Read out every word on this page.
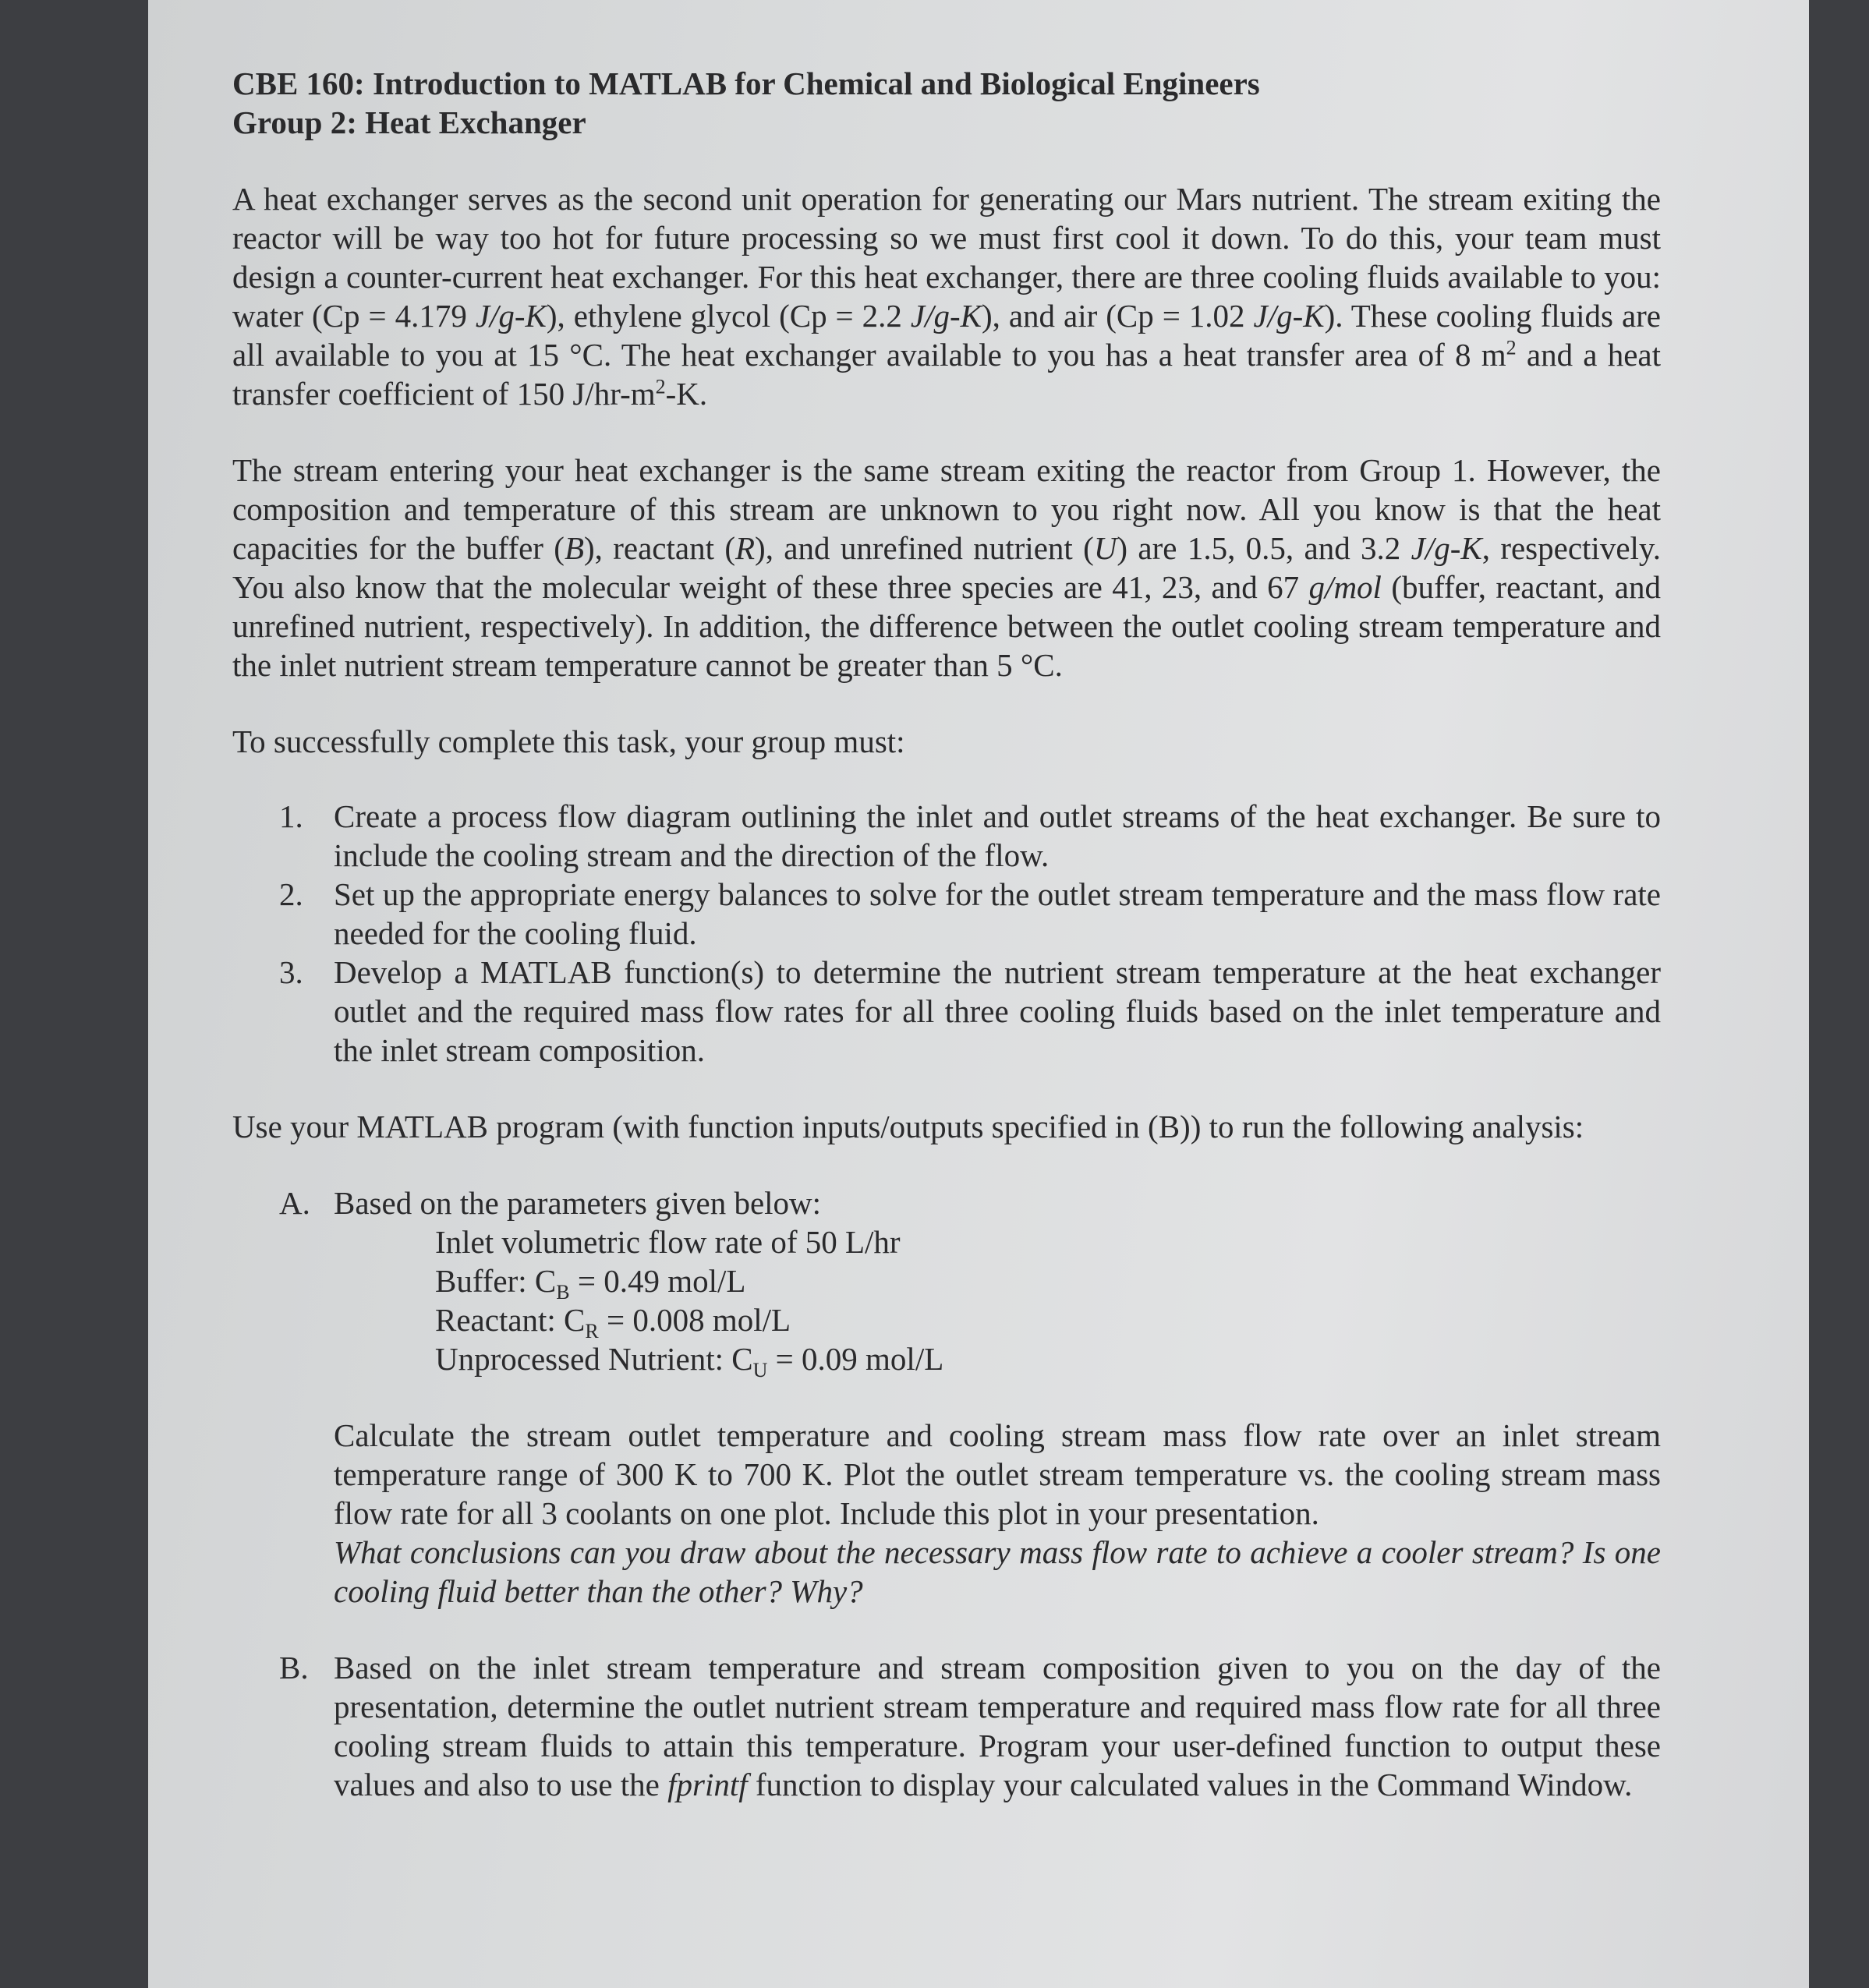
CBE 160: Introduction to MATLAB for Chemical and Biological Engineers
Group 2: Heat Exchanger

A heat exchanger serves as the second unit operation for generating our Mars nutrient. The stream exiting the reactor will be way too hot for future processing so we must first cool it down. To do this, your team must design a counter-current heat exchanger. For this heat exchanger, there are three cooling fluids available to you: water (Cp = 4.179 J/g-K), ethylene glycol (Cp = 2.2 J/g-K), and air (Cp = 1.02 J/g-K). These cooling fluids are all available to you at 15 °C. The heat exchanger available to you has a heat transfer area of 8 $m^2$ and a heat transfer coefficient of 150 $J/hr-m^2-K$.

The stream entering your heat exchanger is the same stream exiting the reactor from Group 1. However, the composition and temperature of this stream are unknown to you right now. All you know is that the heat capacities for the buffer (B), reactant (R), and unrefined nutrient (U) are 1.5, 0.5, and 3.2 J/g-K, respectively. You also know that the molecular weight of these three species are 41, 23, and 67 g/mol (buffer, reactant, and unrefined nutrient, respectively). In addition, the difference between the outlet cooling stream temperature and the inlet nutrient stream temperature cannot be greater than 5 °C.

To successfully complete this task, your group must:

1. Create a process flow diagram outlining the inlet and outlet streams of the heat exchanger. Be sure to include the cooling stream and the direction of the flow.
2. Set up the appropriate energy balances to solve for the outlet stream temperature and the mass flow rate needed for the cooling fluid.
3. Develop a MATLAB function(s) to determine the nutrient stream temperature at the heat exchanger outlet and the required mass flow rates for all three cooling fluids based on the inlet temperature and the inlet stream composition.

Use your MATLAB program (with function inputs/outputs specified in (B)) to run the following analysis:

A. Based on the parameters given below:
Inlet volumetric flow rate of 50 L/hr
Buffer: $C_B = 0.49$ mol/L
Reactant: $C_R = 0.008$ mol/L
Unprocessed Nutrient: $C_U = 0.09$ mol/L

Calculate the stream outlet temperature and cooling stream mass flow rate over an inlet stream temperature range of 300 K to 700 K. Plot the outlet stream temperature vs. the cooling stream mass flow rate for all 3 coolants on one plot. Include this plot in your presentation.

What conclusions can you draw about the necessary mass flow rate to achieve a cooler stream? Is one cooling fluid better than the other? Why?

B. Based on the inlet stream temperature and stream composition given to you on the day of the presentation, determine the outlet nutrient stream temperature and required mass flow rate for all three cooling stream fluids to attain this temperature. Program your user-defined function to output these values and also to use the fprintf function to display your calculated values in the Command Window.
